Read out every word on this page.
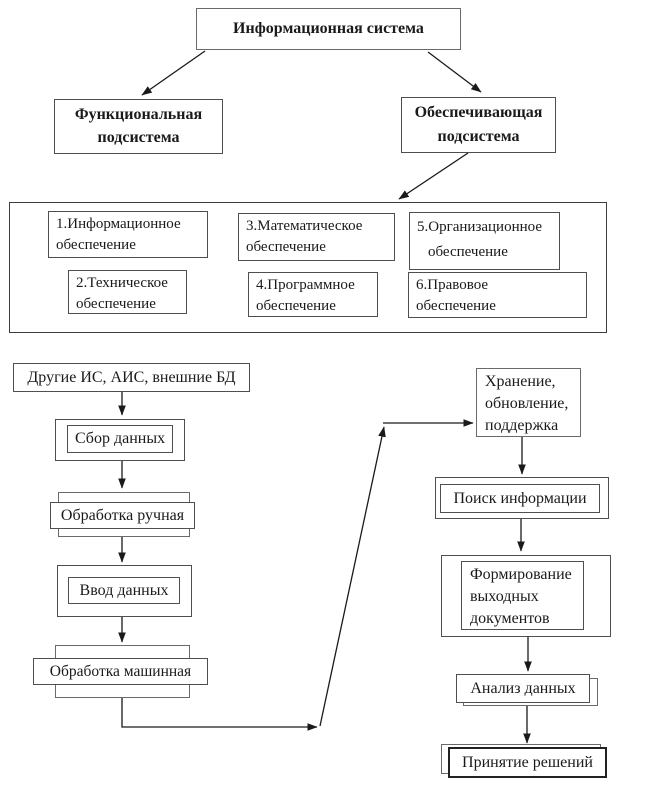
Информационная система
Функциональная
подсистема
Обеспечивающая
подсистема
1.Информационное
обеспечение
3.Математическое
обеспечение
5.Организационное
обеспечение
2.Техническое
обеспечение
4.Программное
обеспечение
6.Правовое
обеспечение
Другие ИС, АИС, внешние БД
Сбор данных
Обработка ручная
Ввод данных
Обработка машинная
Хранение,
обновление,
поддержка
Поиск информации
Формирование
выходных
документов
Анализ данных
Принятие решений
